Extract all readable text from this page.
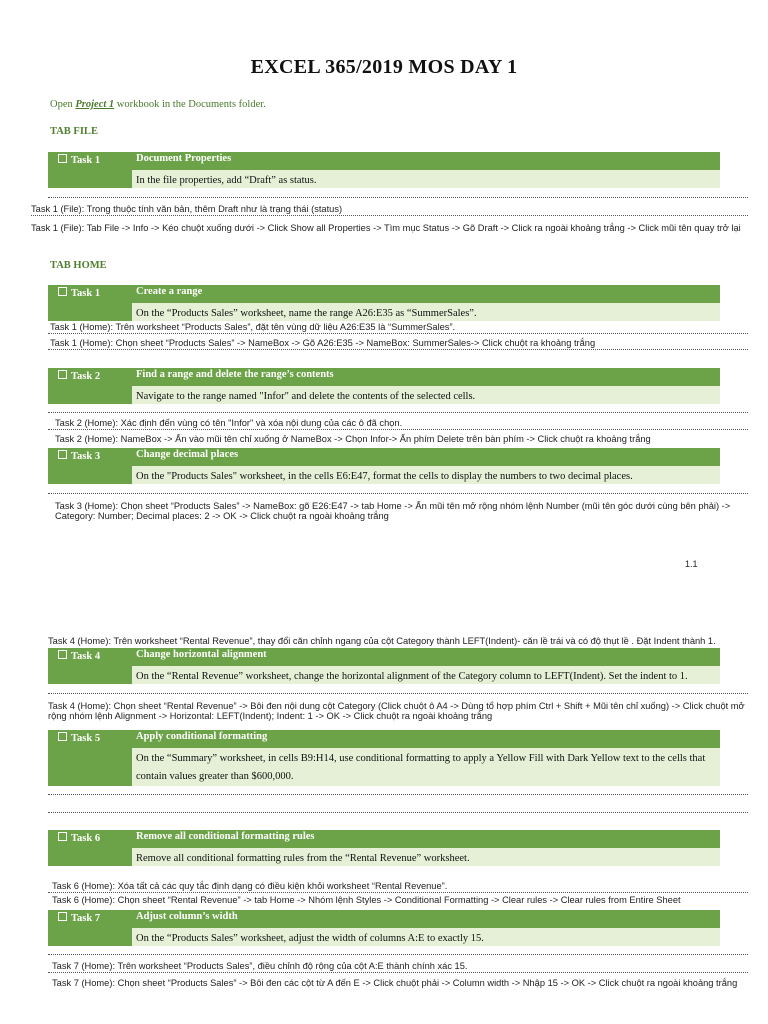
EXCEL 365/2019 MOS DAY 1
Open Project 1 workbook in the Documents folder.
TAB FILE
Task 1	Document Properties
In the file properties, add “Draft” as status.
Task 1 (File): Trong thuộc tính văn bản, thêm Draft như là trạng thái (status)
Task 1 (File): Tab File -> Info -> Kéo chuột xuống dưới -> Click Show all Properties -> Tìm mục Status -> Gõ Draft -> Click ra ngoài khoảng trắng -> Click mũi tên quay trở lại
TAB HOME
Task 1	Create a range
On the “Products Sales” worksheet, name the range A26:E35 as “SummerSales”.
Task 1 (Home): Trên worksheet “Products Sales”, đặt tên vùng dữ liệu A26:E35 là “SummerSales”.
Task 1 (Home): Chọn sheet “Products Sales” -> NameBox -> Gõ A26:E35 -> NameBox: SummerSales-> Click chuột ra khoảng trắng
Task 2	Find a range and delete the range’s contents
Navigate to the range named "Infor" and delete the contents of the selected cells.
Task 2 (Home): Xác định đến vùng có tên "Infor" và xóa nội dung của các ô đã chọn.
Task 2 (Home): NameBox -> Ấn vào mũi tên chỉ xuống ở NameBox -> Chọn Infor-> Ấn phím Delete trên bàn phím -> Click chuột ra khoảng trắng
Task 3	Change decimal places
On the "Products Sales" worksheet, in the cells E6:E47, format the cells to display the numbers to two decimal places.
Task 3 (Home): Chọn sheet “Products Sales” -> NameBox: gõ E26:E47 -> tab Home -> Ấn mũi tên mở rộng nhóm lệnh Number (mũi tên góc dưới cùng bên phải) -> Category: Number; Decimal places: 2 -> OK -> Click chuột ra ngoài khoảng trắng
1.1
Task 4 (Home): Trên worksheet “Rental Revenue”, thay đổi căn chỉnh ngang của cột Category thành LEFT(Indent)- căn lề trái và có độ thụt lề . Đặt Indent thành 1.
Task 4	Change horizontal alignment
On the “Rental Revenue” worksheet, change the horizontal alignment of the Category column to LEFT(Indent). Set the indent to 1.
Task 4 (Home): Chọn sheet “Rental Revenue” -> Bôi đen nội dung cột Category (Click chuột ô A4 -> Dùng tổ hợp phím Ctrl + Shift + Mũi tên chỉ xuống) -> Click chuột mở rộng nhóm lệnh Alignment -> Horizontal: LEFT(Indent); Indent: 1 -> OK -> Click chuột ra ngoài khoảng trắng
Task 5	Apply conditional formatting
On the “Summary” worksheet, in cells B9:H14, use conditional formatting to apply a Yellow Fill with Dark Yellow text to the cells that contain values greater than $600,000.
Task 6	Remove all conditional formatting rules
Remove all conditional formatting rules from the “Rental Revenue” worksheet.
Task 6 (Home): Xóa tất cả các quy tắc định dạng có điều kiện khỏi worksheet “Rental Revenue”.
Task 6 (Home): Chọn sheet “Rental Revenue” -> tab Home -> Nhóm lệnh Styles -> Conditional Formatting -> Clear rules -> Clear rules from Entire Sheet
Task 7	Adjust column’s width
On the “Products Sales” worksheet, adjust the width of columns A:E to exactly 15.
Task 7 (Home): Trên worksheet “Products Sales”, điều chỉnh độ rộng của cột A:E thành chính xác 15.
Task 7 (Home): Chọn sheet “Products Sales” -> Bôi đen các cột từ A đến E -> Click chuột phải -> Column width -> Nhập 15 -> OK -> Click chuột ra ngoài khoảng trắng
